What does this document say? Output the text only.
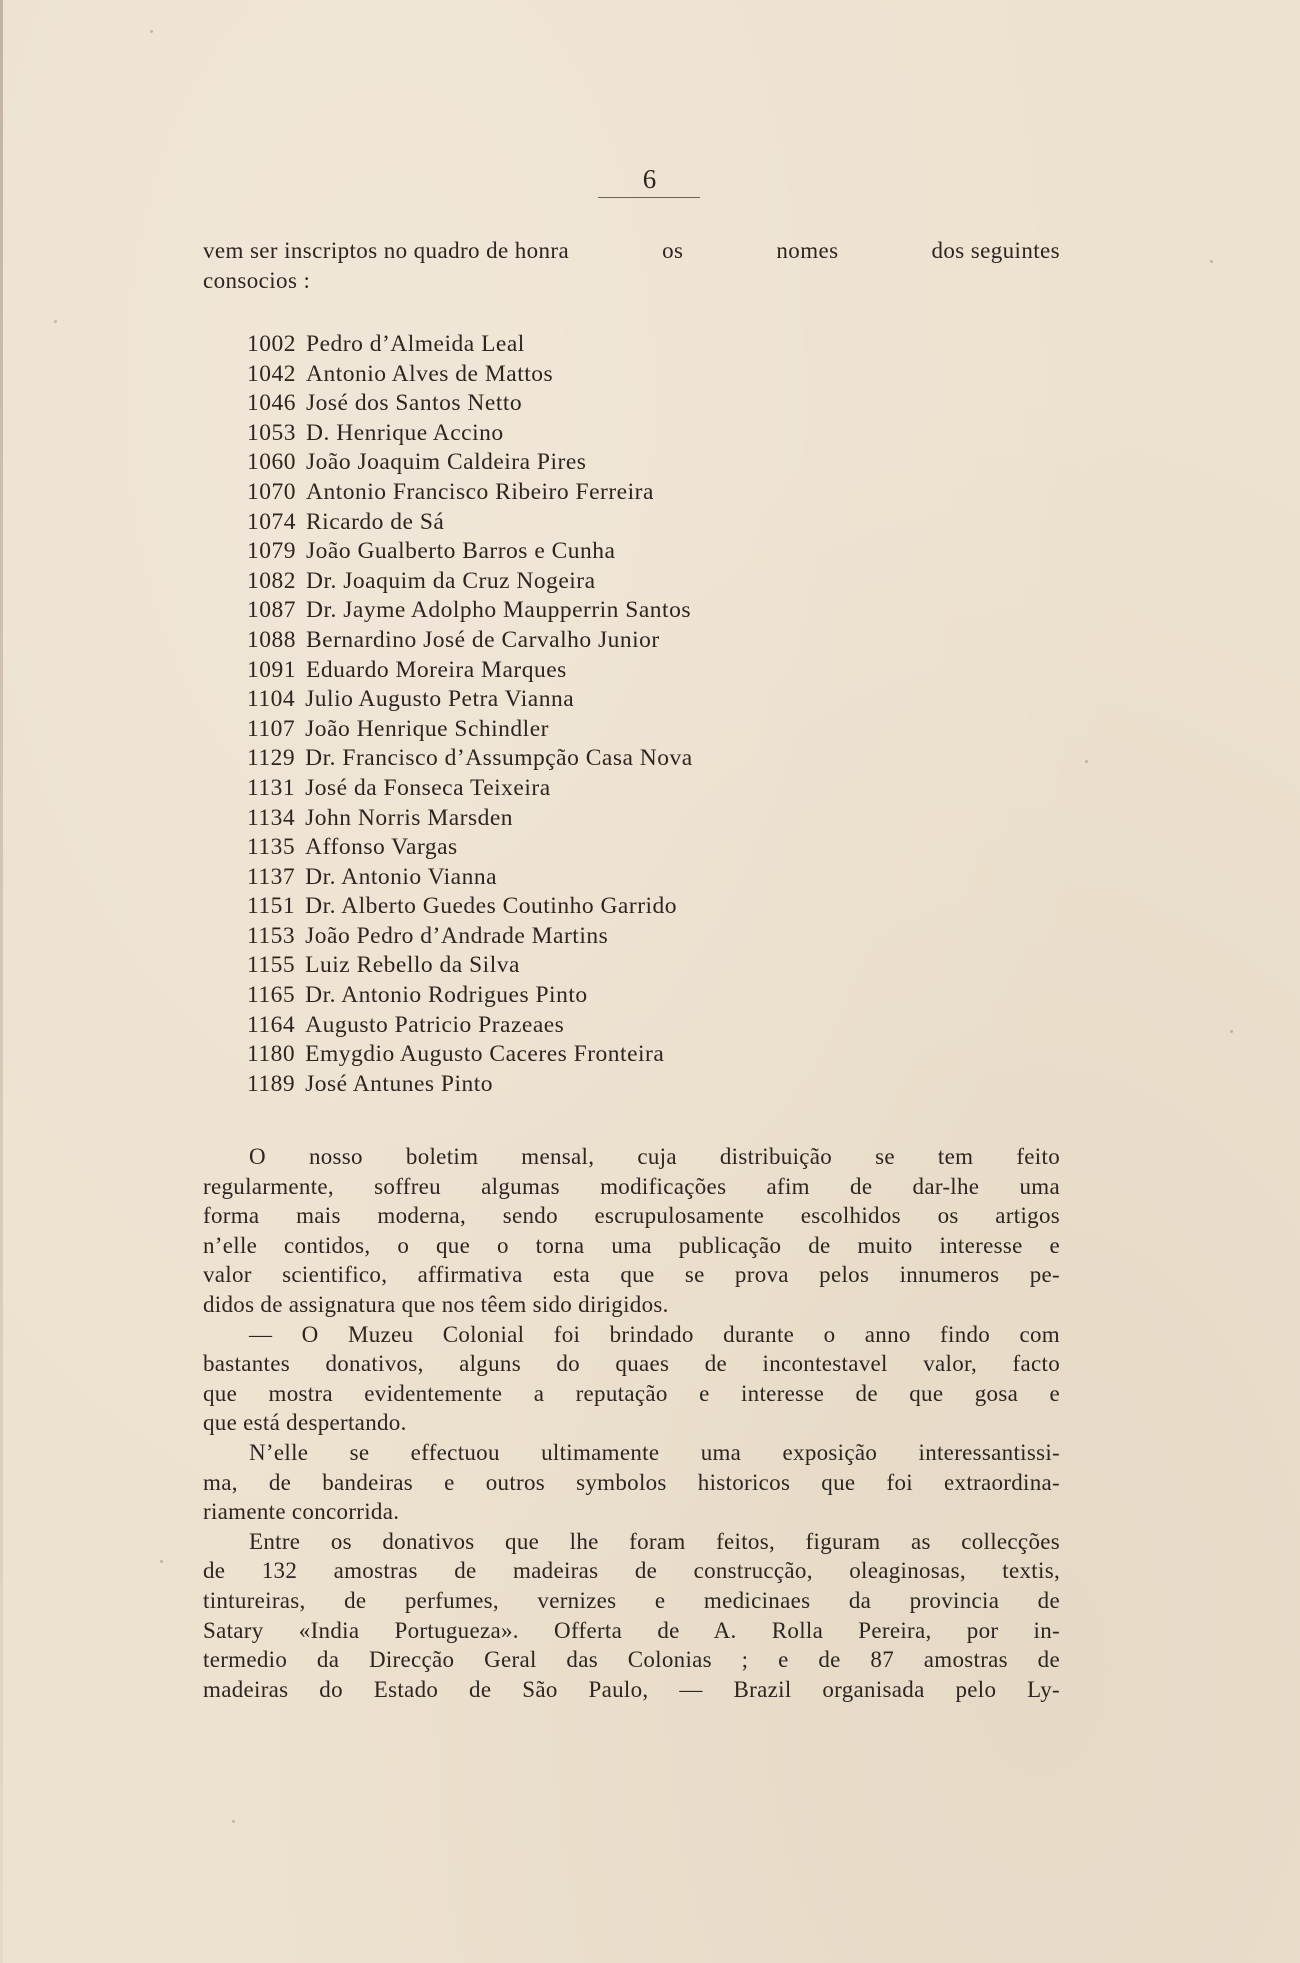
6
vem ser inscriptos no quadro de honra	os	nomes	dos seguintes
consocios :
1002 Pedro d’Almeida Leal
1042 Antonio Alves de Mattos
1046 José dos Santos Netto
1053 D. Henrique Accino
1060 João Joaquim Caldeira Pires
1070 Antonio Francisco Ribeiro Ferreira
1074 Ricardo de Sá
1079 João Gualberto Barros e Cunha
1082 Dr. Joaquim da Cruz Nogeira
1087 Dr. Jayme Adolpho Maupperrin Santos
1088 Bernardino José de Carvalho Junior
1091 Eduardo Moreira Marques
1104 Julio Augusto Petra Vianna
1107 João Henrique Schindler
1129 Dr. Francisco d’Assumpção Casa Nova
1131 José da Fonseca Teixeira
1134 John Norris Marsden
1135 Affonso Vargas
1137 Dr. Antonio Vianna
1151 Dr. Alberto Guedes Coutinho Garrido
1153 João Pedro d’Andrade Martins
1155 Luiz Rebello da Silva
1165 Dr. Antonio Rodrigues Pinto
1164 Augusto Patricio Prazeaes
1180 Emygdio Augusto Caceres Fronteira
1189 José Antunes Pinto
O nosso boletim mensal, cuja distribuição se tem feito
regularmente, soffreu algumas modificações afim de dar-lhe uma
forma mais moderna, sendo escrupulosamente escolhidos os artigos
n’elle contidos, o que o torna uma publicação de muito interesse e
valor scientifico, affirmativa esta que se prova pelos innumeros pe-
didos de assignatura que nos têem sido dirigidos.
— O Muzeu Colonial foi brindado durante o anno findo com
bastantes donativos, alguns do quaes de incontestavel valor, facto
que mostra evidentemente a reputação e interesse de que gosa e
que está despertando.
N’elle se effectuou ultimamente uma exposição interessantissi-
ma, de bandeiras e outros symbolos historicos que foi extraordina-
riamente concorrida.
Entre os donativos que lhe foram feitos, figuram as collecções
de 132 amostras de madeiras de construcção, oleaginosas, textis,
tintureiras, de perfumes, vernizes e medicinaes da provincia de
Satary «India Portugueza». Offerta de A. Rolla Pereira, por in-
termedio da Direcção Geral das Colonias ; e de 87 amostras de
madeiras do Estado de São Paulo, — Brazil organisada pelo Ly-
